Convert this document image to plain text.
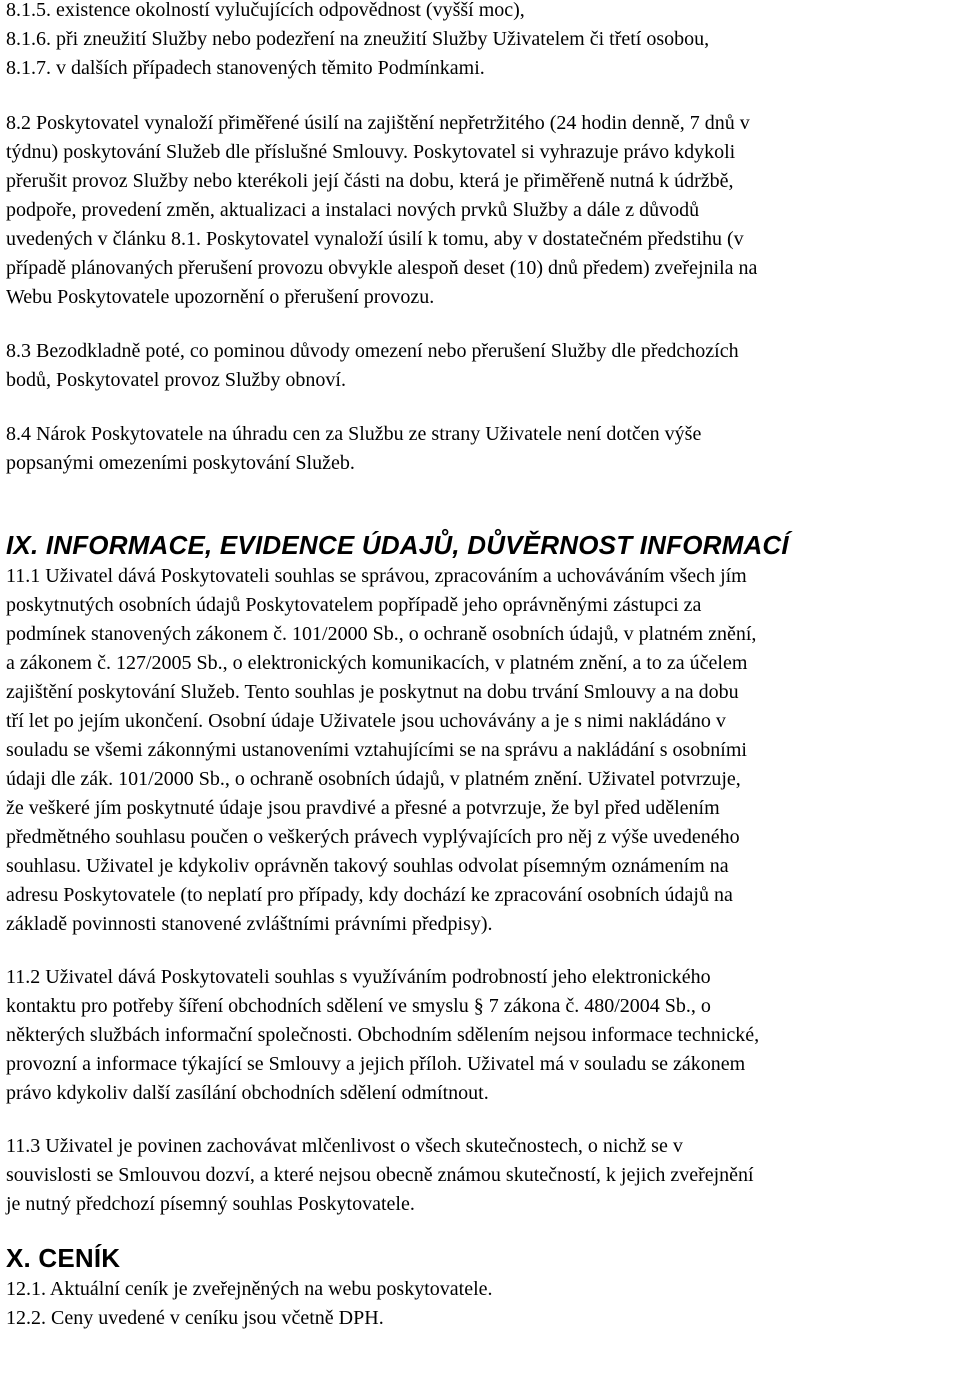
8.1.5. existence okolností vylučujících odpovědnost (vyšší moc),

8.1.6. při zneužití Služby nebo podezření na zneužití Služby Uživatelem či třetí osobou,

8.1.7. v dalších případech stanovených těmito Podmínkami.

8.2 Poskytovatel vynaloží přiměřené úsilí na zajištění nepřetržitého (24 hodin denně, 7 dnů v

týdnu) poskytování Služeb dle příslušné Smlouvy. Poskytovatel si vyhrazuje právo kdykoli

přerušit provoz Služby nebo kterékoli její části na dobu, která je přiměřeně nutná k údržbě,

podpoře, provedení změn, aktualizaci a instalaci nových prvků Služby a dále z důvodů

uvedených v článku 8.1. Poskytovatel vynaloží úsilí k tomu, aby v dostatečném předstihu (v

případě plánovaných přerušení provozu obvykle alespoň deset (10) dnů předem) zveřejnila na

Webu Poskytovatele upozornění o přerušení provozu.

8.3 Bezodkladně poté, co pominou důvody omezení nebo přerušení Služby dle předchozích

bodů, Poskytovatel provoz Služby obnoví.

8.4 Nárok Poskytovatele na úhradu cen za Službu ze strany Uživatele není dotčen výše

popsanými omezeními poskytování Služeb.

IX. INFORMACE, EVIDENCE ÚDAJŮ, DŮVĚRNOST INFORMACÍ

11.1 Uživatel dává Poskytovateli souhlas se správou, zpracováním a uchováváním všech jím

poskytnutých osobních údajů Poskytovatelem popřípadě jeho oprávněnými zástupci za

podmínek stanovených zákonem č. 101/2000 Sb., o ochraně osobních údajů, v platném znění,

a zákonem č. 127/2005 Sb., o elektronických komunikacích, v platném znění, a to za účelem

zajištění poskytování Služeb. Tento souhlas je poskytnut na dobu trvání Smlouvy a na dobu

tří let po jejím ukončení. Osobní údaje Uživatele jsou uchovávány a je s nimi nakládáno v

souladu se všemi zákonnými ustanoveními vztahujícími se na správu a nakládání s osobními

údaji dle zák. 101/2000 Sb., o ochraně osobních údajů, v platném znění. Uživatel potvrzuje,

že veškeré jím poskytnuté údaje jsou pravdivé a přesné a potvrzuje, že byl před udělením

předmětného souhlasu poučen o veškerých právech vyplývajících pro něj z výše uvedeného

souhlasu. Uživatel je kdykoliv oprávněn takový souhlas odvolat písemným oznámením na

adresu Poskytovatele (to neplatí pro případy, kdy dochází ke zpracování osobních údajů na

základě povinnosti stanovené zvláštními právními předpisy).

11.2 Uživatel dává Poskytovateli souhlas s využíváním podrobností jeho elektronického

kontaktu pro potřeby šíření obchodních sdělení ve smyslu § 7 zákona č. 480/2004 Sb., o

některých službách informační společnosti. Obchodním sdělením nejsou informace technické,

provozní a informace týkající se Smlouvy a jejich příloh. Uživatel má v souladu se zákonem

právo kdykoliv další zasílání obchodních sdělení odmítnout.

11.3 Uživatel je povinen zachovávat mlčenlivost o všech skutečnostech, o nichž se v

souvislosti se Smlouvou dozví, a které nejsou obecně známou skutečností, k jejich zveřejnění

je nutný předchozí písemný souhlas Poskytovatele.

X. CENÍK

12.1. Aktuální ceník je zveřejněných na webu poskytovatele.

12.2. Ceny uvedené v ceníku jsou včetně DPH.
